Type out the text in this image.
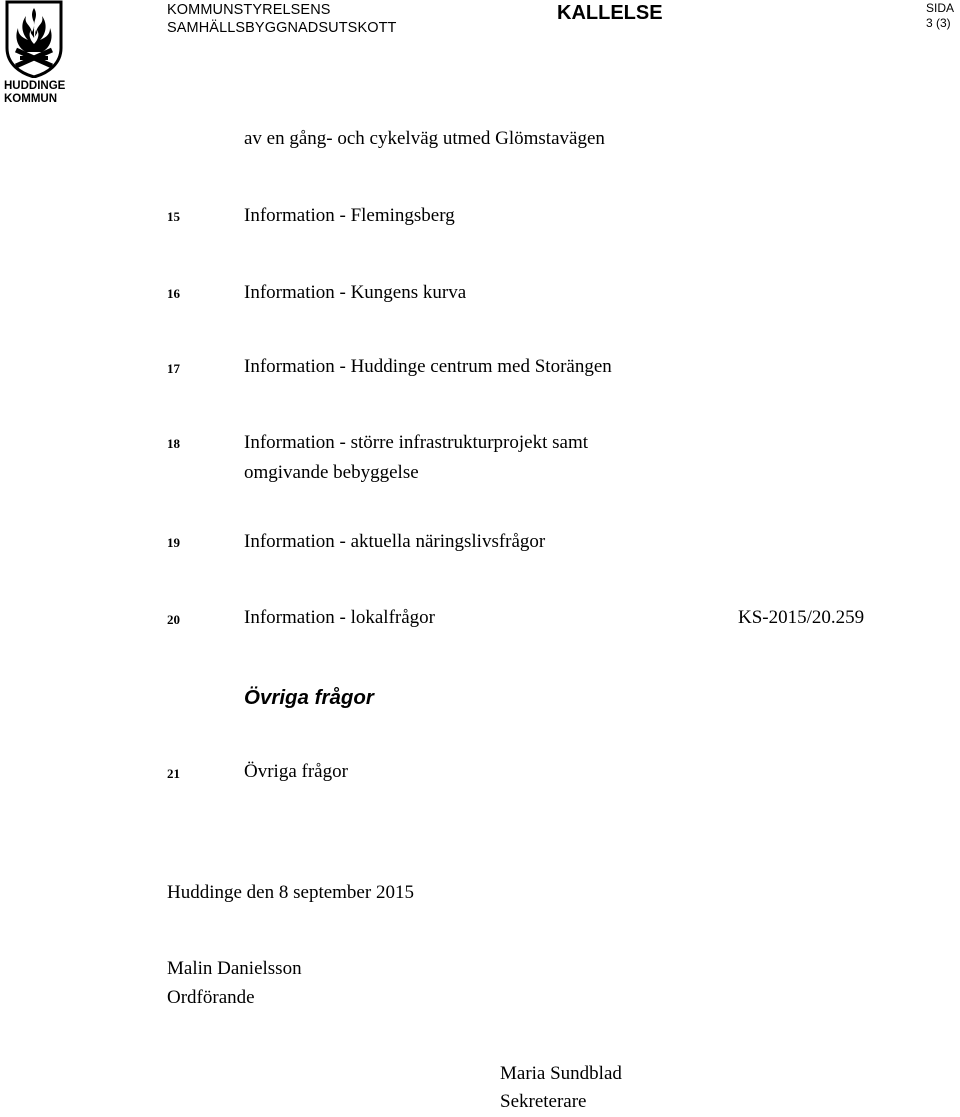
HUDDINGE
KOMMUN
KOMMUNSTYRELSENS
SAMHÄLLSBYGGNADSUTSKOTT
KALLELSE	SIDA
3 (3)
av en gång- och cykelväg utmed Glömstavägen
15	Information - Flemingsberg
16	Information - Kungens kurva
17	Information - Huddinge centrum med Storängen
18	Information - större infrastrukturprojekt samt
omgivande bebyggelse
19	Information - aktuella näringslivsfrågor
20	Information - lokalfrågor	KS-2015/20.259
Övriga frågor
21	Övriga frågor
Huddinge den 8 september 2015
Malin Danielsson
Ordförande
Maria Sundblad
Sekreterare
